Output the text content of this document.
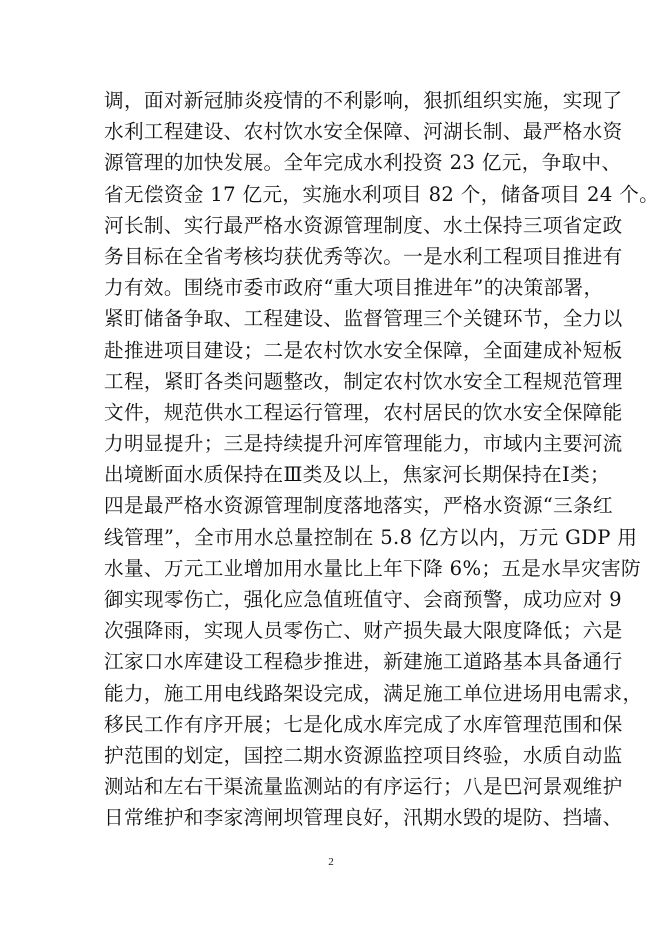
调，面对新冠肺炎疫情的不利影响，狠抓组织实施，实现了
水利工程建设、农村饮水安全保障、河湖长制、最严格水资
源管理的加快发展。全年完成水利投资 23 亿元，争取中、
省无偿资金 17 亿元，实施水利项目 82 个，储备项目 24 个。
河长制、实行最严格水资源管理制度、水土保持三项省定政
务目标在全省考核均获优秀等次。一是水利工程项目推进有
力有效。围绕市委市政府“重大项目推进年”的决策部署，
紧盯储备争取、工程建设、监督管理三个关键环节，全力以
赴推进项目建设；二是农村饮水安全保障，全面建成补短板
工程，紧盯各类问题整改，制定农村饮水安全工程规范管理
文件，规范供水工程运行管理，农村居民的饮水安全保障能
力明显提升；三是持续提升河库管理能力，市域内主要河流
出境断面水质保持在Ⅲ类及以上，焦家河长期保持在Ⅰ类；
四是最严格水资源管理制度落地落实，严格水资源“三条红
线管理”，全市用水总量控制在 5.8 亿方以内，万元 GDP 用
水量、万元工业增加用水量比上年下降 6%；五是水旱灾害防
御实现零伤亡，强化应急值班值守、会商预警，成功应对 9
次强降雨，实现人员零伤亡、财产损失最大限度降低；六是
江家口水库建设工程稳步推进，新建施工道路基本具备通行
能力，施工用电线路架设完成，满足施工单位进场用电需求，
移民工作有序开展；七是化成水库完成了水库管理范围和保
护范围的划定，国控二期水资源监控项目终验，水质自动监
测站和左右干渠流量监测站的有序运行；八是巴河景观维护
日常维护和李家湾闸坝管理良好，汛期水毁的堤防、挡墙、
2
